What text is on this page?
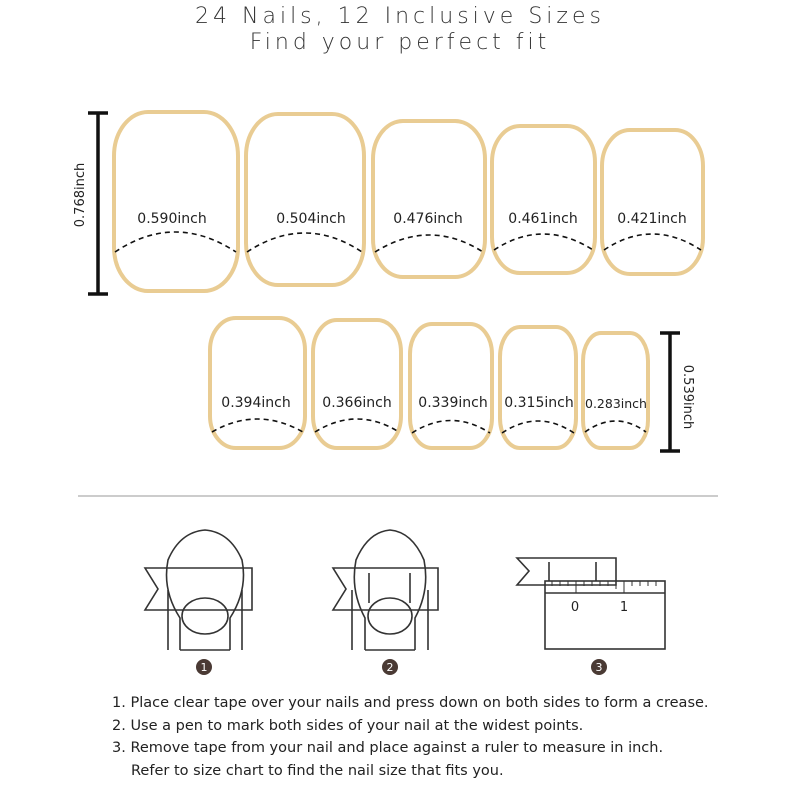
24 Nails, 12 Inclusive Sizes
Find your perfect fit
0.768inch	0.590inch	0.504inch	0.476inch	0.461inch	0.421inch
0.394inch 0.366inch 0.339inch 0.315inch 0.283inch	0.539inch
1	2
0	1
3
1. Place clear tape over your nails and press down on both sides to form a crease.
2. Use a pen to mark both sides of your nail at the widest points.
3. Remove tape from your nail and place against a ruler to measure in inch.
Refer to size chart to find the nail size that fits you.
